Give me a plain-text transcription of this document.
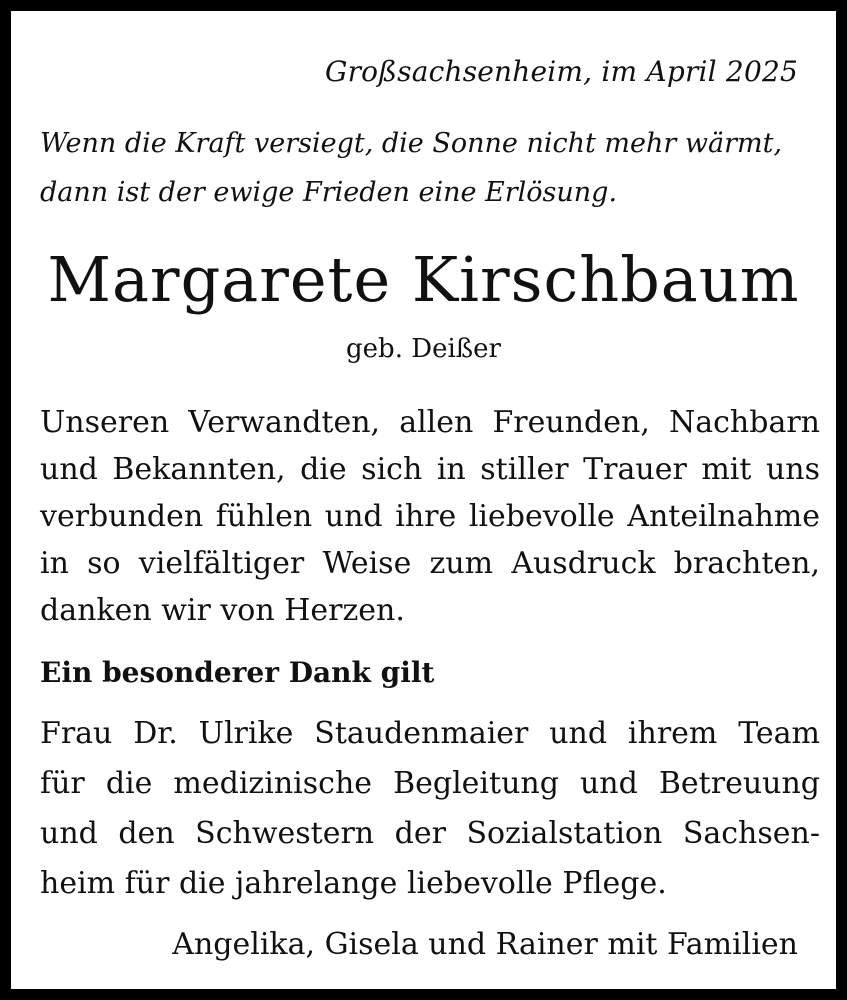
Großsachsenheim, im April 2025
Wenn die Kraft versiegt, die Sonne nicht mehr wärmt,
dann ist der ewige Frieden eine Erlösung.
Margarete Kirschbaum
geb. Deißer
Unseren Verwandten, allen Freunden, Nachbarn
und Bekannten, die sich in stiller Trauer mit uns
verbunden fühlen und ihre liebevolle Anteilnahme
in so vielfältiger Weise zum Ausdruck brachten,
danken wir von Herzen.
Ein besonderer Dank gilt
Frau Dr. Ulrike Staudenmaier und ihrem Team
für die medizinische Begleitung und Betreuung
und den Schwestern der Sozialstation Sachsen-
heim für die jahrelange liebevolle Pflege.
Angelika, Gisela und Rainer mit Familien
